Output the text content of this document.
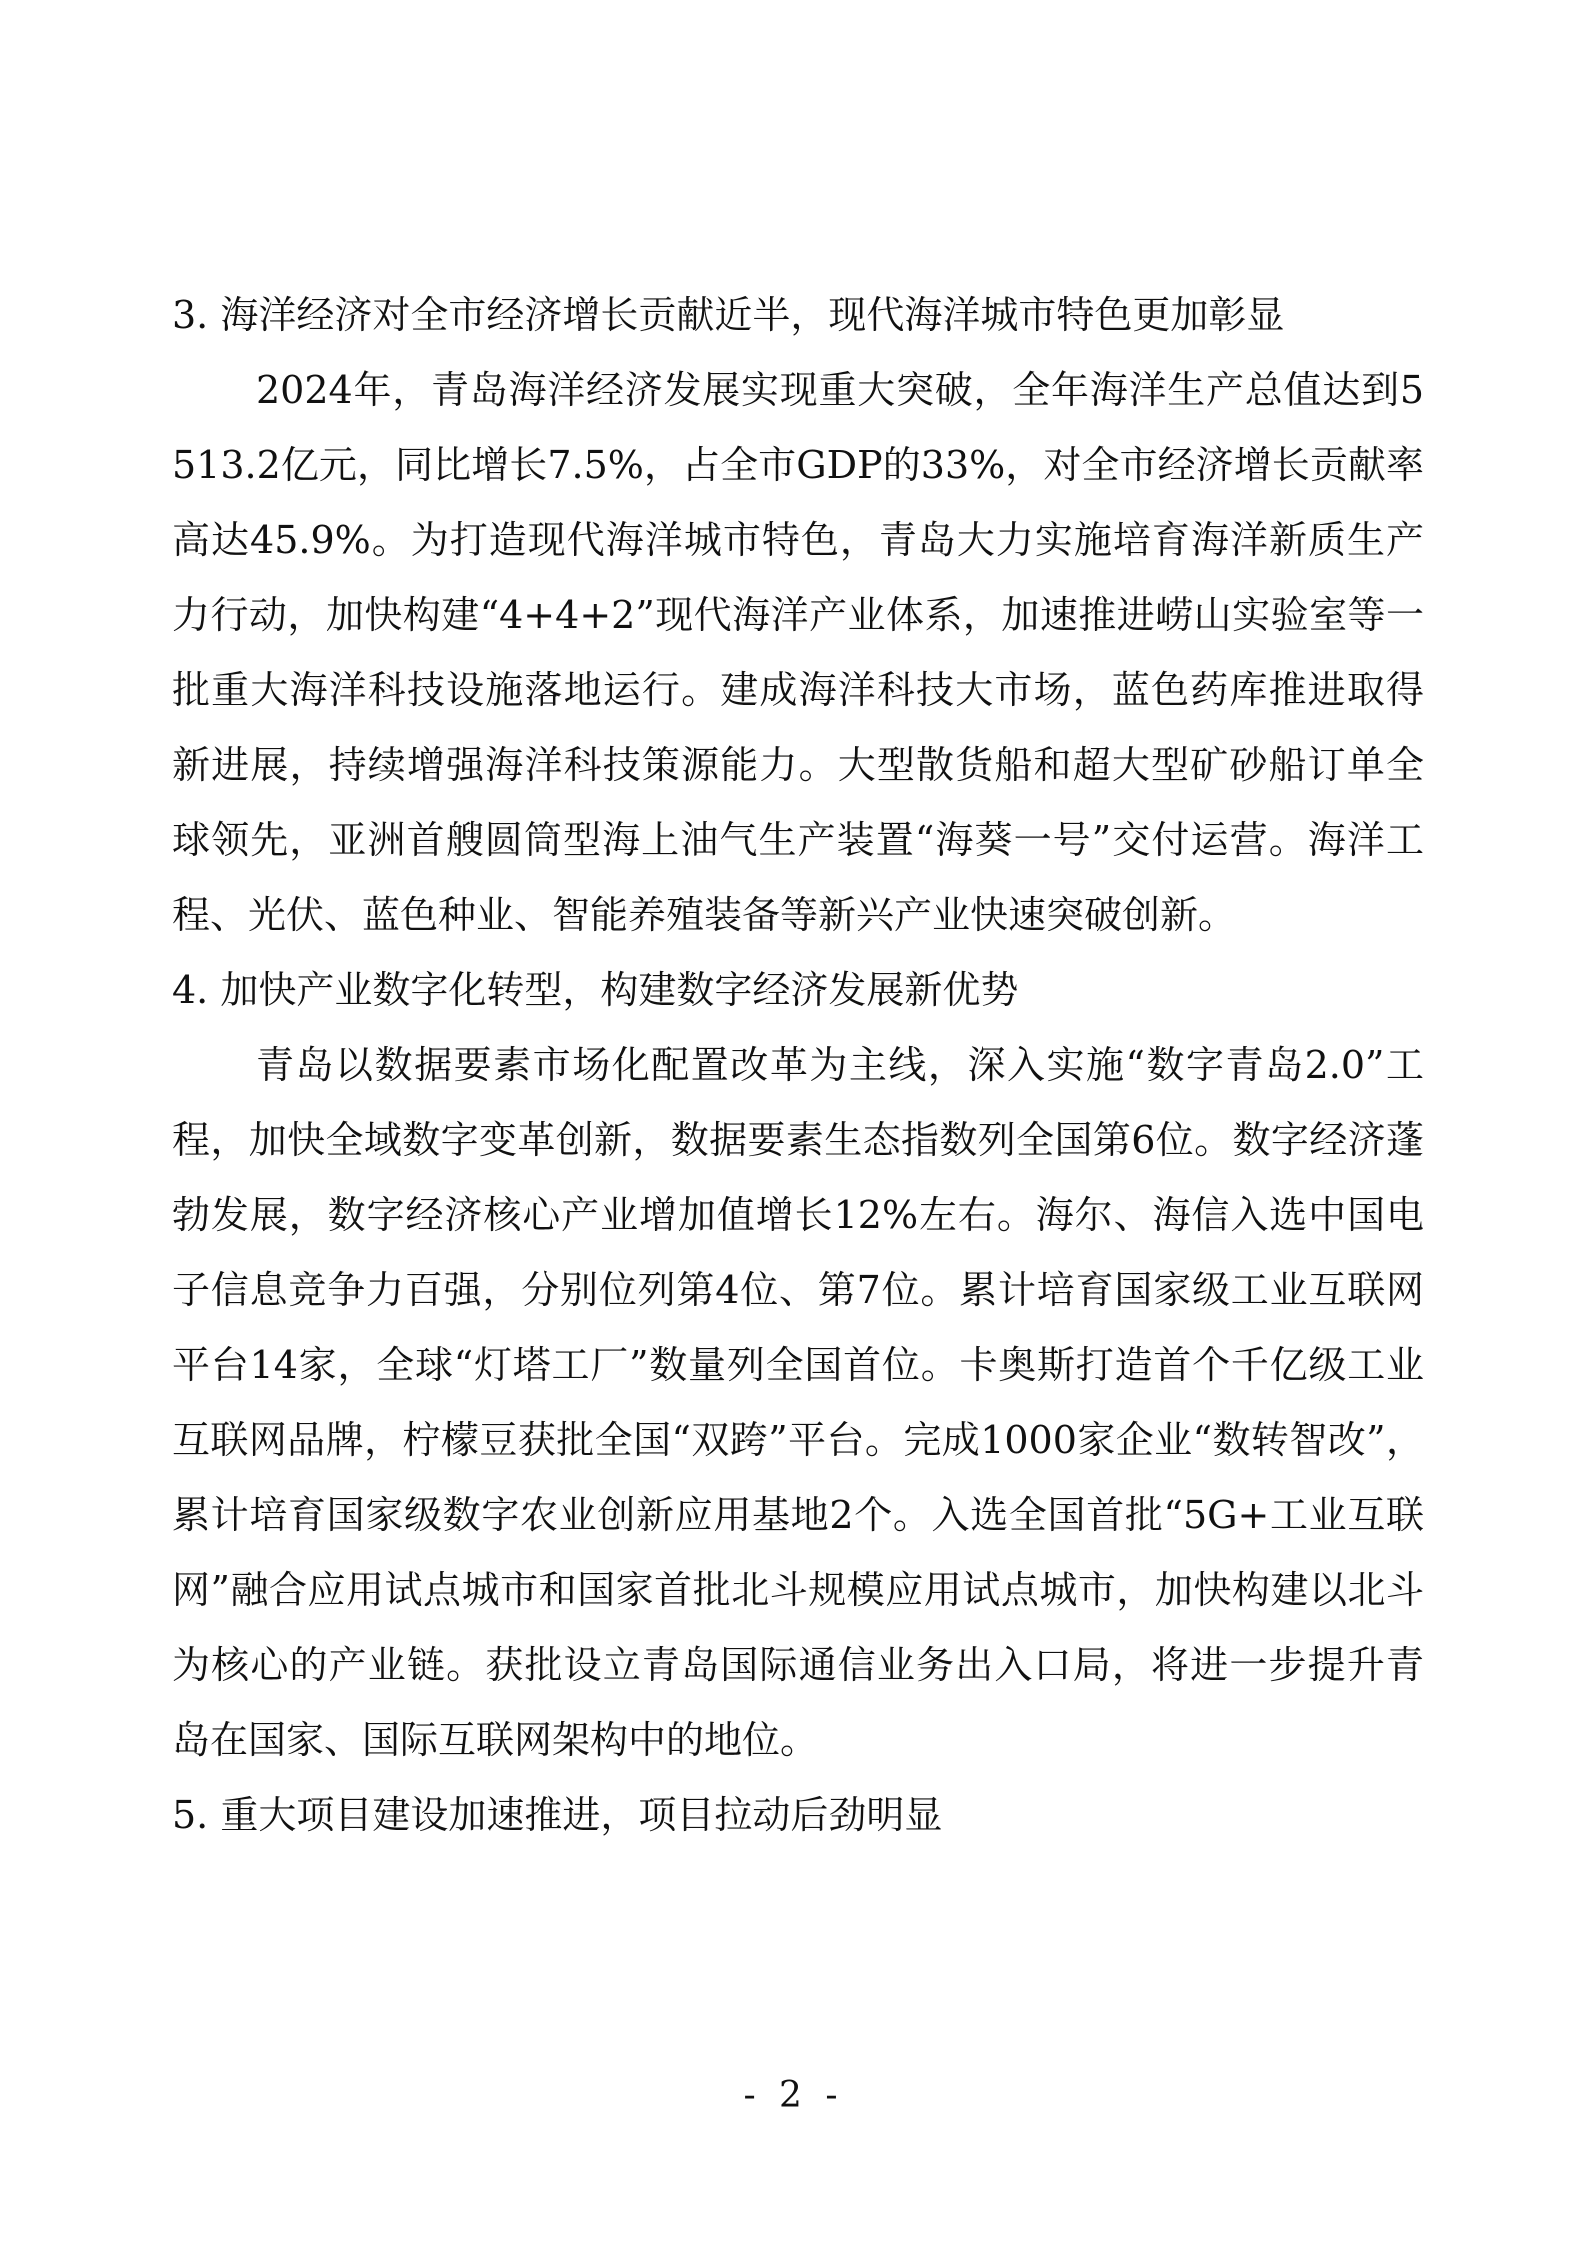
3. 海洋经济对全市经济增长贡献近半，现代海洋城市特色更加彰显

2024年，青岛海洋经济发展实现重大突破，全年海洋生产总值达到5513.2亿元，同比增长7.5%，占全市GDP的33%，对全市经济增长贡献率高达45.9%。为打造现代海洋城市特色，青岛大力实施培育海洋新质生产力行动，加快构建“4+4+2”现代海洋产业体系，加速推进崂山实验室等一批重大海洋科技设施落地运行。建成海洋科技大市场，蓝色药库推进取得新进展，持续增强海洋科技策源能力。大型散货船和超大型矿砂船订单全球领先，亚洲首艘圆筒型海上油气生产装置“海葵一号”交付运营。海洋工程、光伏、蓝色种业、智能养殖装备等新兴产业快速突破创新。

4. 加快产业数字化转型，构建数字经济发展新优势

青岛以数据要素市场化配置改革为主线，深入实施“数字青岛2.0”工程，加快全域数字变革创新，数据要素生态指数列全国第6位。数字经济蓬勃发展，数字经济核心产业增加值增长12%左右。海尔、海信入选中国电子信息竞争力百强，分别位列第4位、第7位。累计培育国家级工业互联网平台14家，全球“灯塔工厂”数量列全国首位。卡奥斯打造首个千亿级工业互联网品牌，柠檬豆获批全国“双跨”平台。完成1000家企业“数转智改”，累计培育国家级数字农业创新应用基地2个。入选全国首批“5G+工业互联网”融合应用试点城市和国家首批北斗规模应用试点城市，加快构建以北斗为核心的产业链。获批设立青岛国际通信业务出入口局，将进一步提升青岛在国家、国际互联网架构中的地位。

5. 重大项目建设加速推进，项目拉动后劲明显

- 2 -
